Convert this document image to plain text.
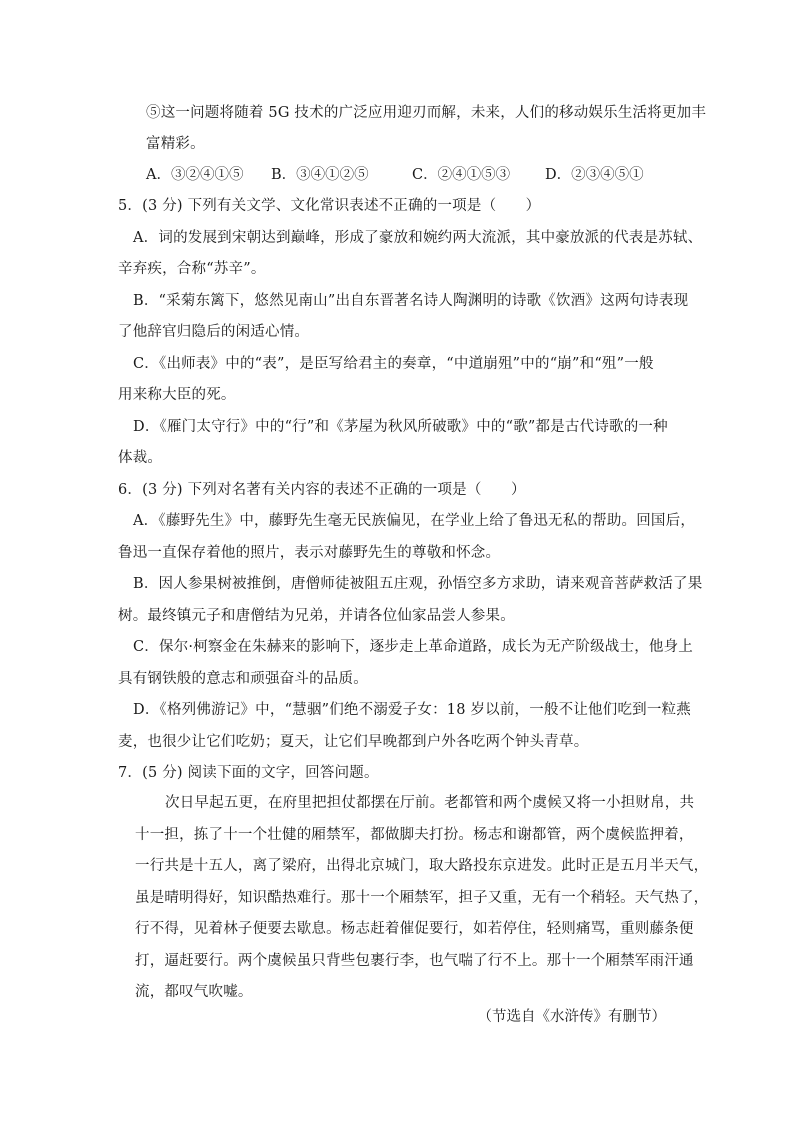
⑤这一问题将随着 5G 技术的广泛应用迎刃而解，未来，人们的移动娱乐生活将更加丰
富精彩。
A．③②④①⑤ B．③④①②⑤	C．②④①⑤③ D．②③④⑤①
5．(3 分) 下列有关文学、文化常识表述不正确的一项是（　　）
A．词的发展到宋朝达到巅峰，形成了豪放和婉约两大流派，其中豪放派的代表是苏轼、
辛弃疾，合称“苏辛”。
B．“采菊东篱下，悠然见南山”出自东晋著名诗人陶渊明的诗歌《饮酒》这两句诗表现
了他辞官归隐后的闲适心情。
C．《出师表》中的“表”，是臣写给君主的奏章，“中道崩殂”中的“崩”和“殂”一般
用来称大臣的死。
D．《雁门太守行》中的“行”和《茅屋为秋风所破歌》中的“歌”都是古代诗歌的一种
体裁。
6．(3 分) 下列对名著有关内容的表述不正确的一项是（　　）
A．《藤野先生》中，藤野先生毫无民族偏见，在学业上给了鲁迅无私的帮助。回国后，
鲁迅一直保存着他的照片，表示对藤野先生的尊敬和怀念。
B．因人参果树被推倒，唐僧师徒被阻五庄观，孙悟空多方求助，请来观音菩萨救活了果
树。最终镇元子和唐僧结为兄弟，并请各位仙家品尝人参果。
C．保尔·柯察金在朱赫来的影响下，逐步走上革命道路，成长为无产阶级战士，他身上
具有钢铁般的意志和顽强奋斗的品质。
D．《格列佛游记》中，“慧骃”们绝不溺爱子女：18 岁以前，一般不让他们吃到一粒燕
麦，也很少让它们吃奶；夏天，让它们早晚都到户外各吃两个钟头青草。
7．(5 分) 阅读下面的文字，回答问题。
次日早起五更，在府里把担仗都摆在厅前。老都管和两个虞候又将一小担财帛，共
十一担，拣了十一个壮健的厢禁军，都做脚夫打扮。杨志和谢都管，两个虞候监押着，
一行共是十五人，离了梁府，出得北京城门，取大路投东京进发。此时正是五月半天气，
虽是晴明得好，知识酷热难行。那十一个厢禁军，担子又重，无有一个稍轻。天气热了，
行不得，见着林子便要去歇息。杨志赶着催促要行，如若停住，轻则痛骂，重则藤条便
打，逼赶要行。两个虞候虽只背些包裹行李，也气喘了行不上。那十一个厢禁军雨汗通
流，都叹气吹嘘。
（节选自《水浒传》有删节）
